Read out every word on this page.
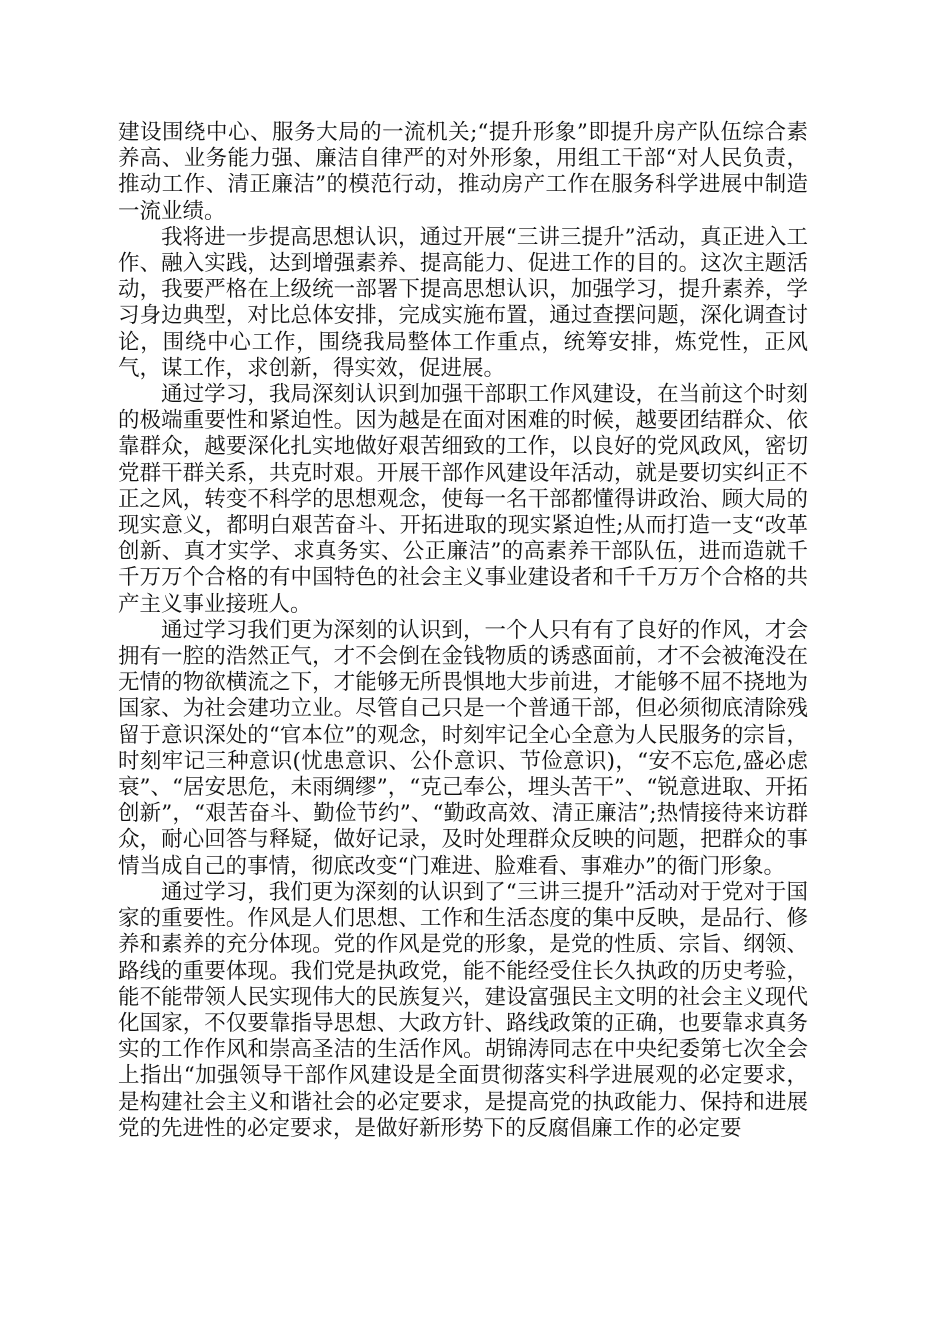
建设围绕中心、服务大局的一流机关;“提升形象”即提升房产队伍综合素养高、业务能力强、廉洁自律严的对外形象，用组工干部“对人民负责，推动工作、清正廉洁”的模范行动，推动房产工作在服务科学进展中制造一流业绩。

我将进一步提高思想认识，通过开展“三讲三提升”活动，真正进入工作、融入实践，达到增强素养、提高能力、促进工作的目的。这次主题活动，我要严格在上级统一部署下提高思想认识，加强学习，提升素养，学习身边典型，对比总体安排，完成实施布置，通过查摆问题，深化调查讨论，围绕中心工作，围绕我局整体工作重点，统筹安排，炼党性，正风气，谋工作，求创新，得实效，促进展。

通过学习，我局深刻认识到加强干部职工作风建设，在当前这个时刻的极端重要性和紧迫性。因为越是在面对困难的时候，越要团结群众、依靠群众，越要深化扎实地做好艰苦细致的工作，以良好的党风政风，密切党群干群关系，共克时艰。开展干部作风建设年活动，就是要切实纠正不正之风，转变不科学的思想观念，使每一名干部都懂得讲政治、顾大局的现实意义，都明白艰苦奋斗、开拓进取的现实紧迫性;从而打造一支“改革创新、真才实学、求真务实、公正廉洁”的高素养干部队伍，进而造就千千万万个合格的有中国特色的社会主义事业建设者和千千万万个合格的共产主义事业接班人。

通过学习我们更为深刻的认识到，一个人只有有了良好的作风，才会拥有一腔的浩然正气，才不会倒在金钱物质的诱惑面前，才不会被淹没在无情的物欲横流之下，才能够无所畏惧地大步前进，才能够不屈不挠地为国家、为社会建功立业。尽管自己只是一个普通干部，但必须彻底清除残留于意识深处的“官本位”的观念，时刻牢记全心全意为人民服务的宗旨，时刻牢记三种意识(忧患意识、公仆意识、节俭意识)，“安不忘危,盛必虑衰”、“居安思危，未雨绸缪”，“克己奉公，埋头苦干”、“锐意进取、开拓创新”，“艰苦奋斗、勤俭节约”、“勤政高效、清正廉洁”;热情接待来访群众，耐心回答与释疑，做好记录，及时处理群众反映的问题，把群众的事情当成自己的事情，彻底改变“门难进、脸难看、事难办”的衙门形象。

通过学习，我们更为深刻的认识到了“三讲三提升”活动对于党对于国家的重要性。作风是人们思想、工作和生活态度的集中反映，是品行、修养和素养的充分体现。党的作风是党的形象，是党的性质、宗旨、纲领、路线的重要体现。我们党是执政党，能不能经受住长久执政的历史考验，能不能带领人民实现伟大的民族复兴，建设富强民主文明的社会主义现代化国家，不仅要靠指导思想、大政方针、路线政策的正确，也要靠求真务实的工作作风和崇高圣洁的生活作风。胡锦涛同志在中央纪委第七次全会上指出“加强领导干部作风建设是全面贯彻落实科学进展观的必定要求，是构建社会主义和谐社会的必定要求，是提高党的执政能力、保持和进展党的先进性的必定要求，是做好新形势下的反腐倡廉工作的必定要
